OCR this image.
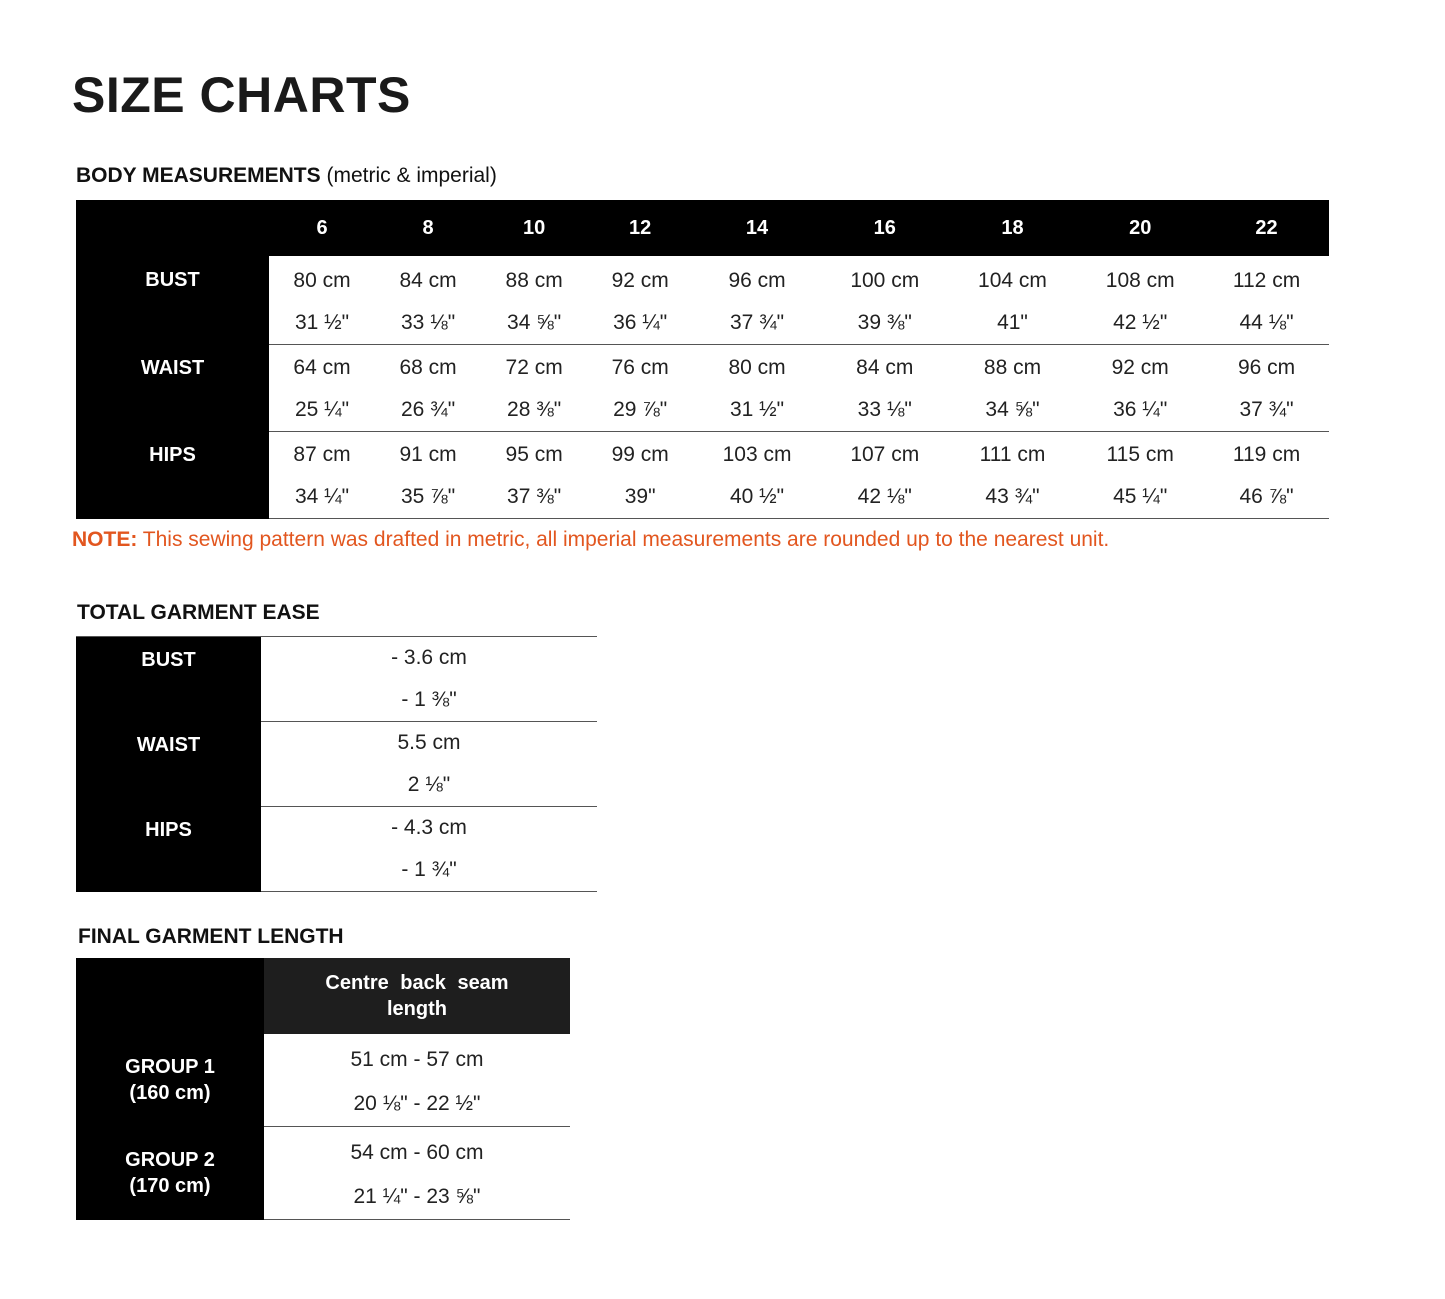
SIZE CHARTS
BODY MEASUREMENTS (metric & imperial)
	6	8	10	12	14	16	18	20	22
BUST	80 cm	84 cm	88 cm	92 cm	96 cm	100 cm	104 cm	108 cm	112 cm
	31 ½"	33 ⅛"	34 ⅝"	36 ¼"	37 ¾"	39 ⅜"	41"	42 ½"	44 ⅛"
WAIST	64 cm	68 cm	72 cm	76 cm	80 cm	84 cm	88 cm	92 cm	96 cm
	25 ¼"	26 ¾"	28 ⅜"	29 ⅞"	31 ½"	33 ⅛"	34 ⅝"	36 ¼"	37 ¾"
HIPS	87 cm	91 cm	95 cm	99 cm	103 cm	107 cm	111 cm	115 cm	119 cm
	34 ¼"	35 ⅞"	37 ⅜"	39"	40 ½"	42 ⅛"	43 ¾"	45 ¼"	46 ⅞"
NOTE: This sewing pattern was drafted in metric, all imperial measurements are rounded up to the nearest unit.
TOTAL GARMENT EASE
BUST	- 3.6 cm
	- 1 ⅜"
WAIST	5.5 cm
	2 ⅛"
HIPS	- 4.3 cm
	- 1 ¾"
FINAL GARMENT LENGTH
	Centre back seam length
GROUP 1
(160 cm)	51 cm - 57 cm
	20 ⅛" - 22 ½"
GROUP 2
(170 cm)	54 cm - 60 cm
	21 ¼" - 23 ⅝"
